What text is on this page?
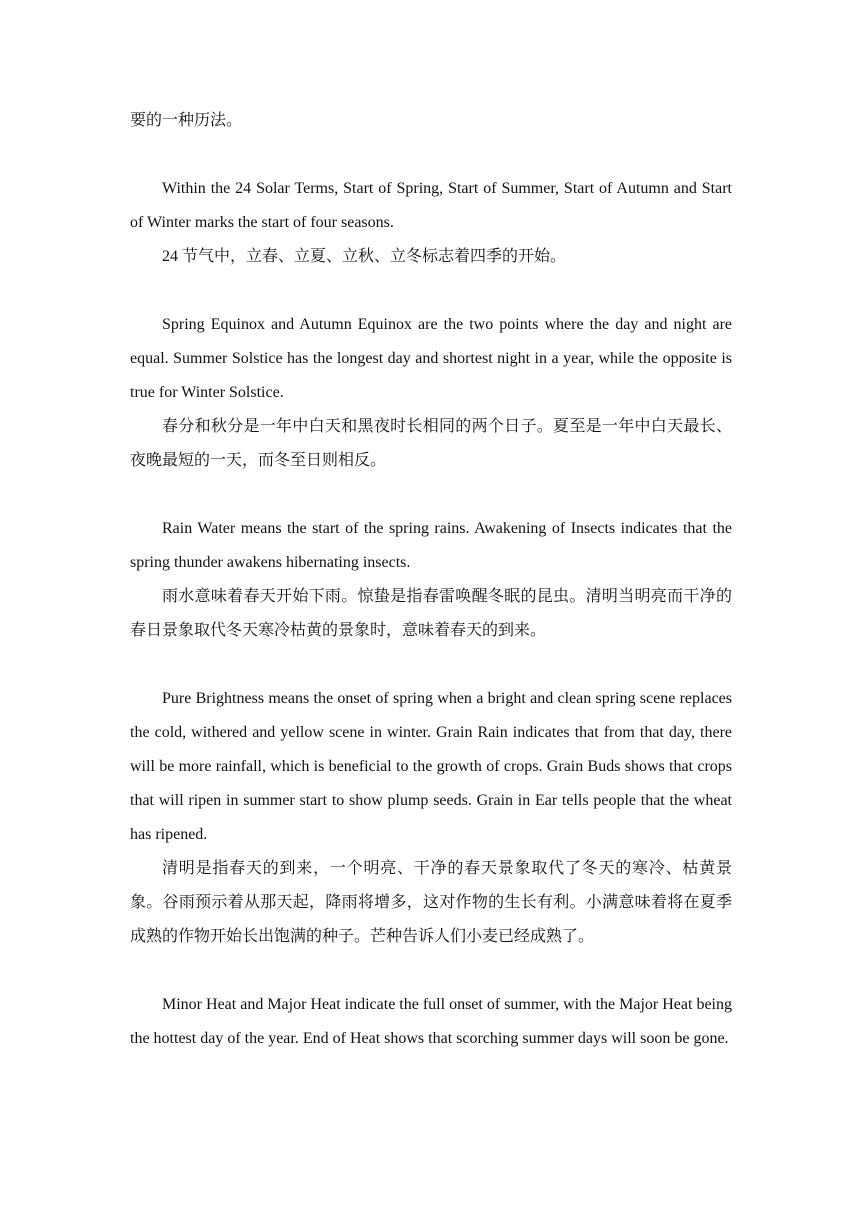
要的一种历法。

Within the 24 Solar Terms, Start of Spring, Start of Summer, Start of Autumn and Start of Winter marks the start of four seasons.

24 节气中，立春、立夏、立秋、立冬标志着四季的开始。

Spring Equinox and Autumn Equinox are the two points where the day and night are equal. Summer Solstice has the longest day and shortest night in a year, while the opposite is true for Winter Solstice.

春分和秋分是一年中白天和黑夜时长相同的两个日子。夏至是一年中白天最长、夜晚最短的一天，而冬至日则相反。

Rain Water means the start of the spring rains. Awakening of Insects indicates that the spring thunder awakens hibernating insects.

雨水意味着春天开始下雨。惊蛰是指春雷唤醒冬眠的昆虫。清明当明亮而干净的春日景象取代冬天寒冷枯黄的景象时，意味着春天的到来。

Pure Brightness means the onset of spring when a bright and clean spring scene replaces the cold, withered and yellow scene in winter. Grain Rain indicates that from that day, there will be more rainfall, which is beneficial to the growth of crops. Grain Buds shows that crops that will ripen in summer start to show plump seeds. Grain in Ear tells people that the wheat has ripened.

清明是指春天的到来，一个明亮、干净的春天景象取代了冬天的寒冷、枯黄景象。谷雨预示着从那天起，降雨将增多，这对作物的生长有利。小满意味着将在夏季成熟的作物开始长出饱满的种子。芒种告诉人们小麦已经成熟了。

Minor Heat and Major Heat indicate the full onset of summer, with the Major Heat being the hottest day of the year. End of Heat shows that scorching summer days will soon be gone.
